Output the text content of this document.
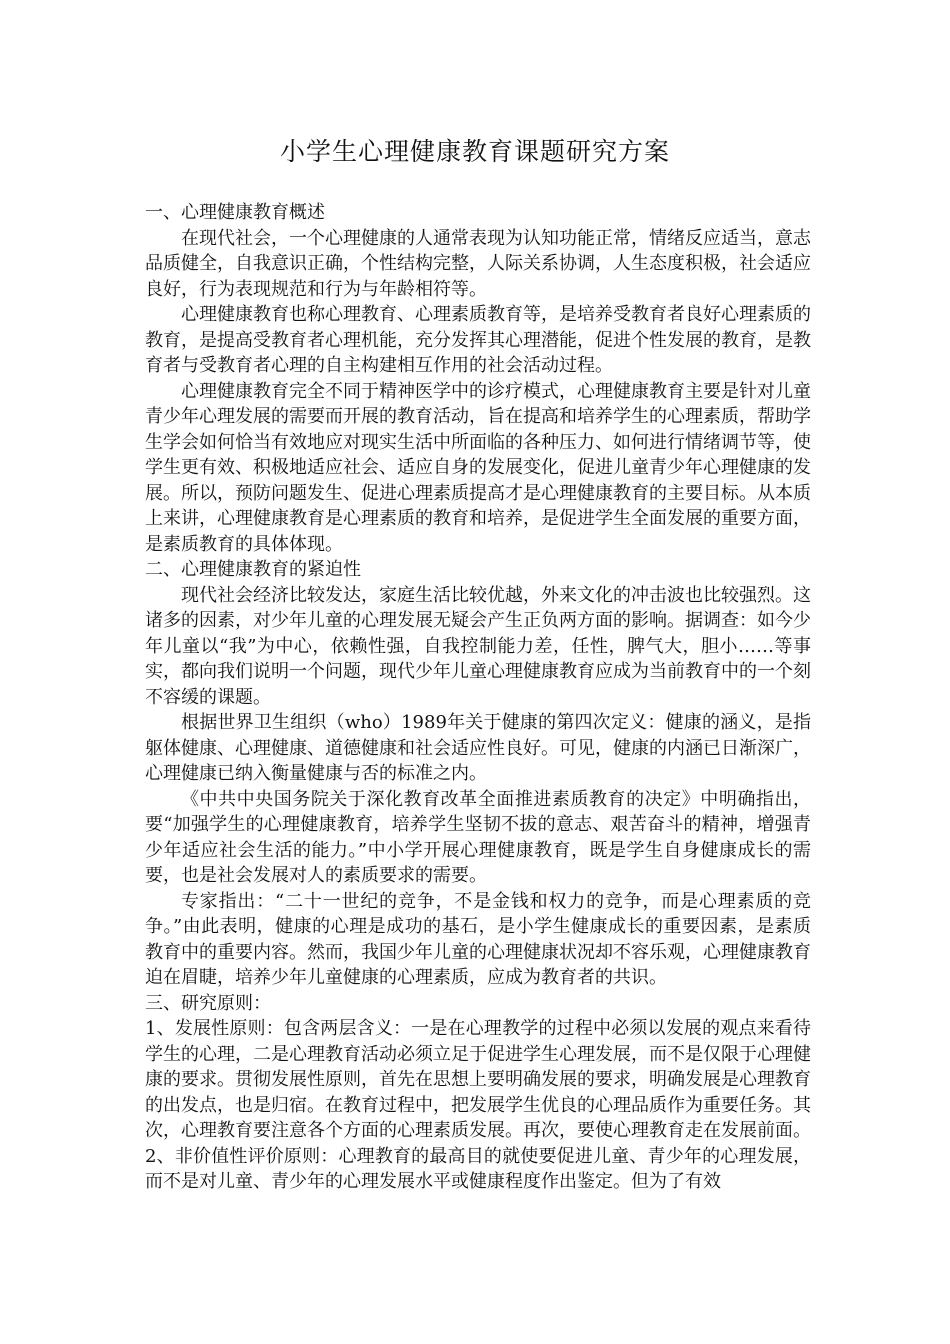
小学生心理健康教育课题研究方案

一、心理健康教育概述

在现代社会，一个心理健康的人通常表现为认知功能正常，情绪反应适当，意志品质健全，自我意识正确，个性结构完整，人际关系协调，人生态度积极，社会适应良好，行为表现规范和行为与年龄相符等。

心理健康教育也称心理教育、心理素质教育等，是培养受教育者良好心理素质的教育，是提高受教育者心理机能，充分发挥其心理潜能，促进个性发展的教育，是教育者与受教育者心理的自主构建相互作用的社会活动过程。

心理健康教育完全不同于精神医学中的诊疗模式，心理健康教育主要是针对儿童青少年心理发展的需要而开展的教育活动，旨在提高和培养学生的心理素质，帮助学生学会如何恰当有效地应对现实生活中所面临的各种压力、如何进行情绪调节等，使学生更有效、积极地适应社会、适应自身的发展变化，促进儿童青少年心理健康的发展。所以，预防问题发生、促进心理素质提高才是心理健康教育的主要目标。从本质上来讲，心理健康教育是心理素质的教育和培养，是促进学生全面发展的重要方面，是素质教育的具体体现。

二、心理健康教育的紧迫性

现代社会经济比较发达，家庭生活比较优越，外来文化的冲击波也比较强烈。这诸多的因素，对少年儿童的心理发展无疑会产生正负两方面的影响。据调查：如今少年儿童以“我”为中心，依赖性强，自我控制能力差，任性，脾气大，胆小……等事实，都向我们说明一个问题，现代少年儿童心理健康教育应成为当前教育中的一个刻不容缓的课题。

根据世界卫生组织（who）1989年关于健康的第四次定义：健康的涵义，是指躯体健康、心理健康、道德健康和社会适应性良好。可见，健康的内涵已日渐深广，心理健康已纳入衡量健康与否的标准之内。

《中共中央国务院关于深化教育改革全面推进素质教育的决定》中明确指出，要“加强学生的心理健康教育，培养学生坚韧不拔的意志、艰苦奋斗的精神，增强青少年适应社会生活的能力。”中小学开展心理健康教育，既是学生自身健康成长的需要，也是社会发展对人的素质要求的需要。

专家指出：“二十一世纪的竞争，不是金钱和权力的竞争，而是心理素质的竞争。”由此表明，健康的心理是成功的基石，是小学生健康成长的重要因素，是素质教育中的重要内容。然而，我国少年儿童的心理健康状况却不容乐观，心理健康教育迫在眉睫，培养少年儿童健康的心理素质，应成为教育者的共识。

三、研究原则：

1、发展性原则：包含两层含义：一是在心理教学的过程中必须以发展的观点来看待学生的心理，二是心理教育活动必须立足于促进学生心理发展，而不是仅限于心理健康的要求。贯彻发展性原则，首先在思想上要明确发展的要求，明确发展是心理教育的出发点，也是归宿。在教育过程中，把发展学生优良的心理品质作为重要任务。其次，心理教育要注意各个方面的心理素质发展。再次，要使心理教育走在发展前面。

2、非价值性评价原则：心理教育的最高目的就使要促进儿童、青少年的心理发展，而不是对儿童、青少年的心理发展水平或健康程度作出鉴定。但为了有效
